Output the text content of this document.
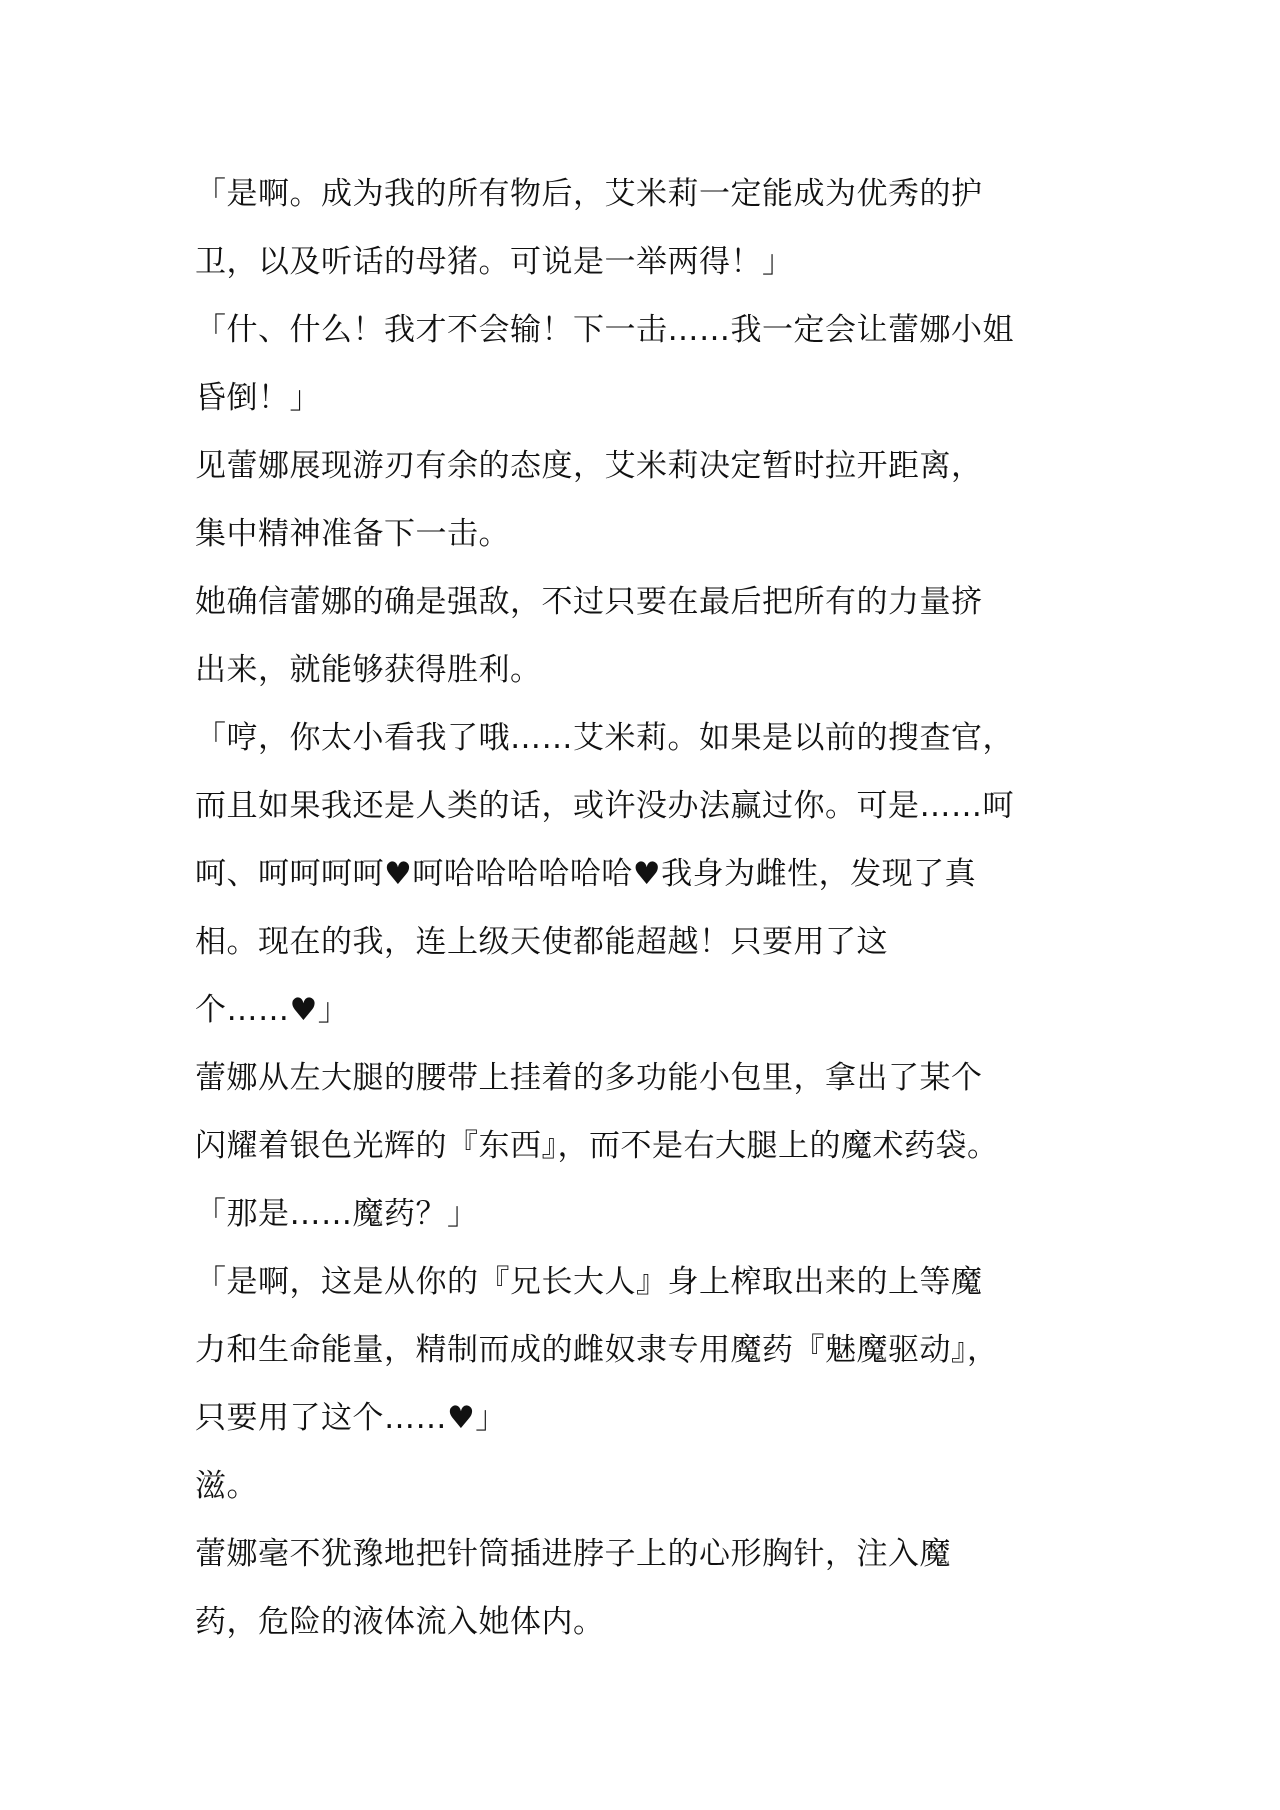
「是啊。成为我的所有物后，艾米莉一定能成为优秀的护
卫，以及听话的母猪。可说是一举两得！」
「什、什么！我才不会输！下一击……我一定会让蕾娜小姐
昏倒！」
见蕾娜展现游刃有余的态度，艾米莉决定暂时拉开距离，
集中精神准备下一击。
她确信蕾娜的确是强敌，不过只要在最后把所有的力量挤
出来，就能够获得胜利。
「哼，你太小看我了哦……艾米莉。如果是以前的搜查官，
而且如果我还是人类的话，或许没办法赢过你。可是……呵
呵、呵呵呵呵♥呵哈哈哈哈哈哈♥我身为雌性，发现了真
相。现在的我，连上级天使都能超越！只要用了这
个……♥」
蕾娜从左大腿的腰带上挂着的多功能小包里，拿出了某个
闪耀着银色光辉的『东西』，而不是右大腿上的魔术药袋。
「那是……魔药？」
「是啊，这是从你的『兄长大人』身上榨取出来的上等魔
力和生命能量，精制而成的雌奴隶专用魔药『魅魔驱动』，
只要用了这个……♥」
滋。
蕾娜毫不犹豫地把针筒插进脖子上的心形胸针，注入魔
药，危险的液体流入她体内。
